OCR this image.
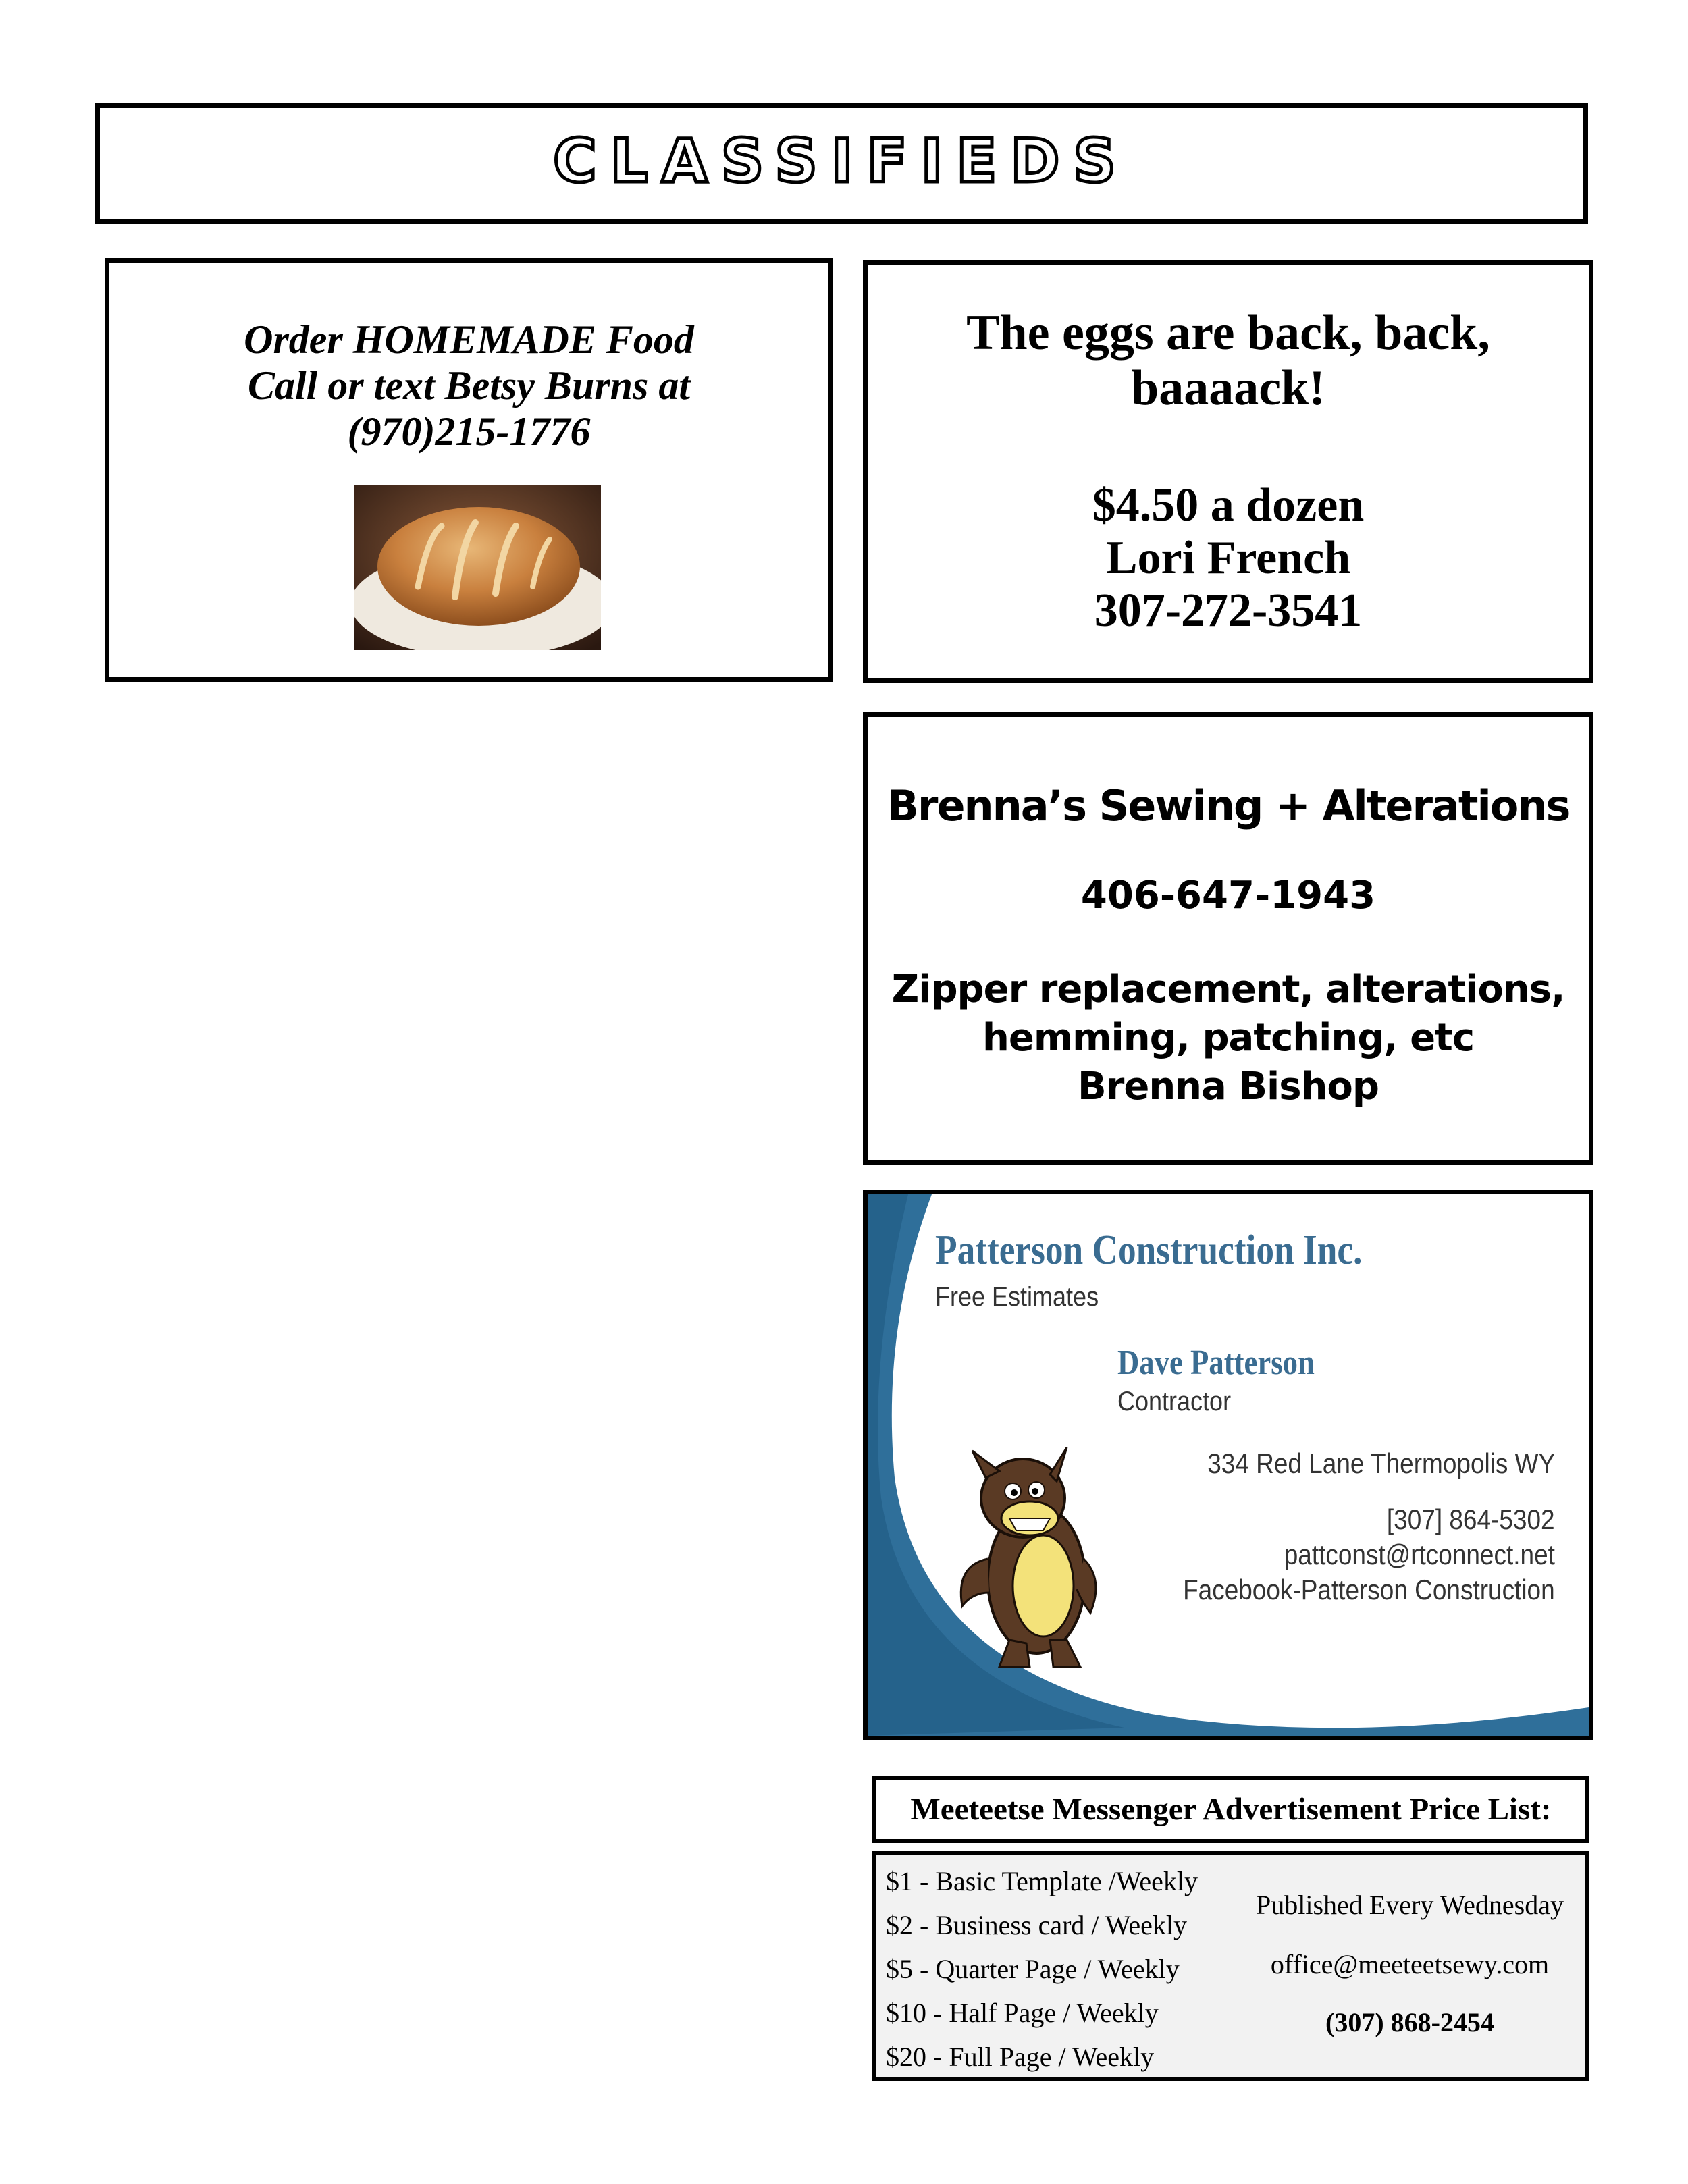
CLASSIFIEDS
Order HOMEMADE Food
Call or text Betsy Burns at
(970)215-1776
The eggs are back, back,
baaaack!
$4.50 a dozen
Lori French
307-272-3541
Brenna’s Sewing + Alterations
406-647-1943
Zipper replacement, alterations,
hemming, patching, etc
Brenna Bishop
Patterson Construction Inc.
Free Estimates
Dave Patterson
Contractor
334 Red Lane Thermopolis WY
[307] 864-5302
pattconst@rtconnect.net
Facebook-Patterson Construction
Meeteetse Messenger Advertisement Price List:
$1 - Basic Template /Weekly
$2 - Business card / Weekly
$5 - Quarter Page / Weekly
$10 - Half Page / Weekly
$20 - Full Page / Weekly
Published Every Wednesday
office@meeteetsewy.com
(307) 868-2454
